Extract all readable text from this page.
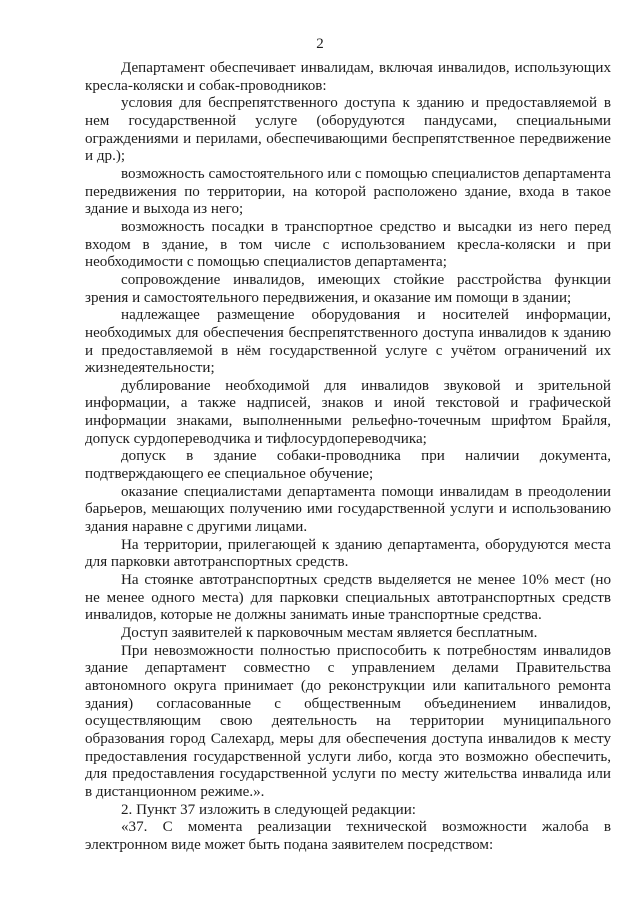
2

Департамент обеспечивает инвалидам, включая инвалидов, использующих кресла-коляски и собак-проводников:

условия для беспрепятственного доступа к зданию и предоставляемой в нем государственной услуге (оборудуются пандусами, специальными ограждениями и перилами, обеспечивающими беспрепятственное передвижение и др.);

возможность самостоятельного или с помощью специалистов департамента передвижения по территории, на которой расположено здание, входа в такое здание и выхода из него;

возможность посадки в транспортное средство и высадки из него перед входом в здание, в том числе с использованием кресла-коляски и при необходимости с помощью специалистов департамента;

сопровождение инвалидов, имеющих стойкие расстройства функции зрения и самостоятельного передвижения, и оказание им помощи в здании;

надлежащее размещение оборудования и носителей информации, необходимых для обеспечения беспрепятственного доступа инвалидов к зданию и предоставляемой в нём государственной услуге с учётом ограничений их жизнедеятельности;

дублирование необходимой для инвалидов звуковой и зрительной информации, а также надписей, знаков и иной текстовой и графической информации знаками, выполненными рельефно-точечным шрифтом Брайля, допуск сурдопереводчика и тифлосурдопереводчика;

допуск в здание собаки-проводника при наличии документа, подтверждающего ее специальное обучение;

оказание специалистами департамента помощи инвалидам в преодолении барьеров, мешающих получению ими государственной услуги и использованию здания наравне с другими лицами.

На территории, прилегающей к зданию департамента, оборудуются места для парковки автотранспортных средств.

На стоянке автотранспортных средств выделяется не менее 10% мест (но не менее одного места) для парковки специальных автотранспортных средств инвалидов, которые не должны занимать иные транспортные средства.

Доступ заявителей к парковочным местам является бесплатным.

При невозможности полностью приспособить к потребностям инвалидов здание департамент совместно с управлением делами Правительства автономного округа принимает (до реконструкции или капитального ремонта здания) согласованные с общественным объединением инвалидов, осуществляющим свою деятельность на территории муниципального образования город Салехард, меры для обеспечения доступа инвалидов к месту предоставления государственной услуги либо, когда это возможно обеспечить, для предоставления государственной услуги по месту жительства инвалида или в дистанционном режиме.».

2. Пункт 37 изложить в следующей редакции:

«37. С момента реализации технической возможности жалоба в электронном виде может быть подана заявителем посредством:
